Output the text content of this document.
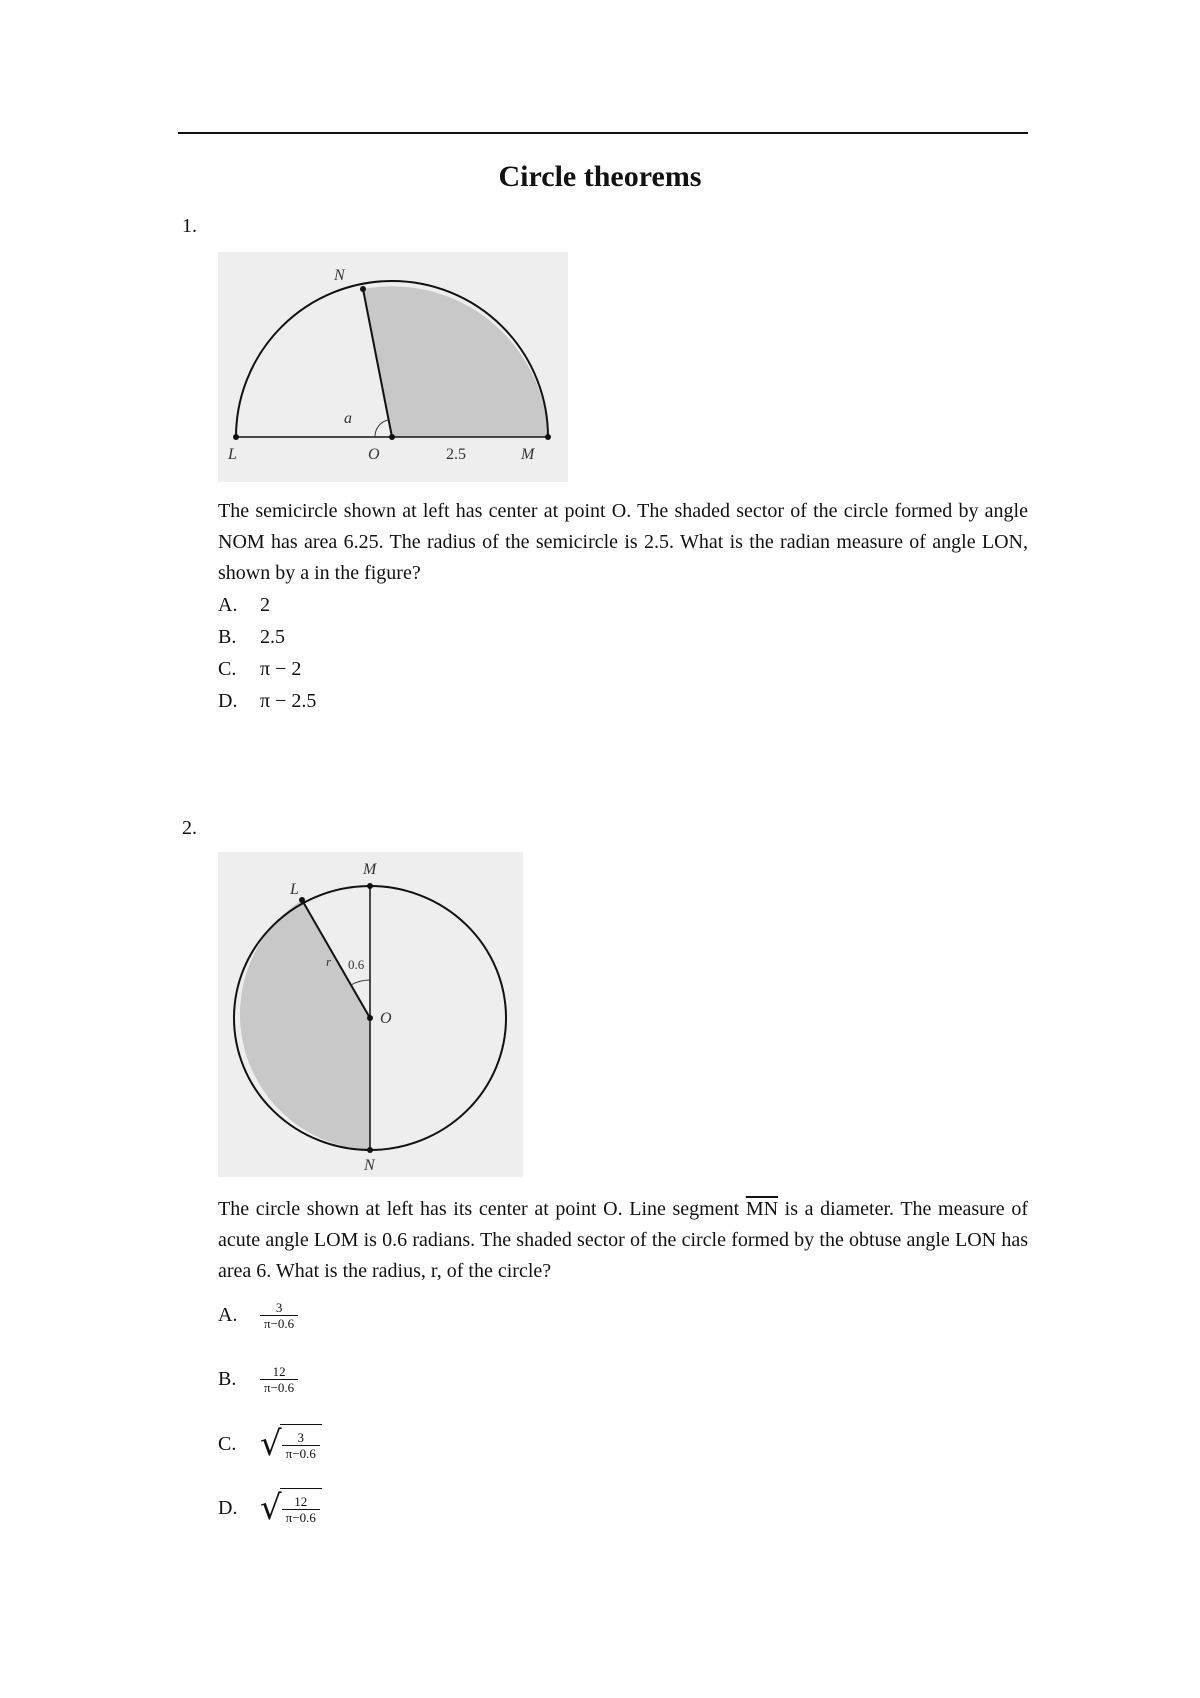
Circle theorems
1.
N
L	O	M
a
2.5

The semicircle shown at left has center at point O. The shaded sector of the circle formed by angle NOM has area 6.25. The radius of the semicircle is 2.5. What is the radian measure of angle LON, shown by a in the figure?

A.	2
B.	2.5
C.	π − 2
D.	π − 2.5
2.
M
L
O
N
r 0.6

The circle shown at left has its center at point O. Line segment $\overline{MN}$ is a diameter. The measure of acute angle LOM is 0.6 radians. The shaded sector of the circle formed by the obtuse angle LON has area 6. What is the radius, r, of the circle?

A.	$\frac{3}{\pi-0.6}$
B.	$\frac{12}{\pi-0.6}$
C. √ $\frac{3}{\pi-0.6}$
D. √ $\frac{12}{\pi-0.6}$
